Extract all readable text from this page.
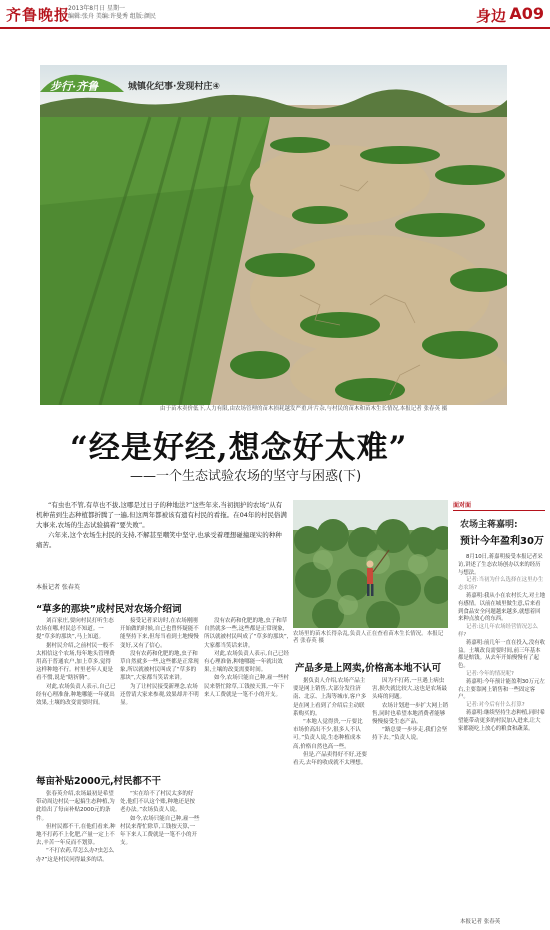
齐鲁晚报
2013年8月日 星期一
编辑:张舟 美编:许曼秀 组版:颜民	身边 A09
步行·齐鲁	城镇化纪事·发现村庄④
由于苗木卖价低下,人力有限,由农场管理的苗木损耗越发严重,叶片杂,与村民的苗木和苗木生长情况,本报记者 张春英 摄
“经是好经,想念好太难”
——一个生态试验农场的坚守与困惑(下)
“有虫也不管,有草也不拔,这哪是过日子的种地法?”这些年来,当初拥护的农场“从有机种苗到生态种植都折腾了一遍,但这两年都被该有遗有村民的看拖。在04年的村民俗满大事来,农场的生态试验搞着“要失败”。
六年来,这个农场生村民的支持,不解甚至嘲笑中坚守,也承受着理想碰撞现实的种种痛苦。
本报记者 张春英
“草多的那块”成村民对农场介绍词

刘百家庄,要向村民打听生态农场在哪,村民总不知道。一提“草多的那块”,马上知道。

据村民介绍,之前村民一般不太相信这个农场,每年地头管理费用高于普通农户,加上草多,觉得这样种地不行。村里老年人更是看不惯,说是“瞎折腾”。

对此,农场负责人表示,自己已经有心理准备,种地哪能一年就出效果,土壤的改变需要时间。

接受记者采访时,在农场刚刚开始做的时候,自己也曾怀疑能不能坚持下来,但每当看到土地慢慢变好,又有了信心。

没有农药和化肥的地,虫子和草自然就多一些,这些都是正常现象,所以就被村民叫成了“草多的那块”,大家都当笑话来讲。

为了让村民接受新理念,农场还曾请大家来参观,效果却并不明显。

每亩补贴2000元,村民都不干

张春英介绍,农场最初是希望带动周边村民一起搞生态种植,为此给出了每亩补贴2000元的条件。

但村民都不干,在他们看来,种地不打药不上化肥,产量一定上不去,辛苦一年反而不划算。

“不打农药,草怎么办?虫怎么办?”这是村民问得最多的话。

“实在给不了村民太多的好处,他们不认这个账,种地还是按老办法。”农场负责人说。

如今,农场只能自己种,雇一些村民来帮忙除草,工钱按天算,一年下来人工费就是一笔不小的开支。

没有农药和化肥的地,虫子和草自然就多一些,这些都是正常现象,所以就被村民叫成了“草多的那块”,大家都当笑话来讲。

对此,农场负责人表示,自己已经有心理准备,种地哪能一年就出效果,土壤的改变需要时间。

如今,农场只能自己种,雇一些村民来帮忙除草,工钱按天算,一年下来人工费就是一笔不小的开支。

农场里的苗木长得杂乱,负责人正在查看苗木生长情况。本报记者 张春英 摄
产品多是上网卖,价格高本地不认可

据负责人介绍,农场产品主要是网上销售,大部分发往济南、北京、上海等城市,客户多是在网上看到了介绍后主动联系购买的。

“本地人觉得贵,一斤要比市场价高出不少,很多人不认可。”负责人说,生态种植成本高,价格自然也高一些。

但是,产品卖得好不好,还要看天,去年的收成就不太理想。

因为不打药,一旦遇上病虫害,损失就比较大,这也是农场最头疼的问题。

农场计划进一步扩大网上销售,同时也希望本地消费者能够慢慢接受生态产品。

“路总要一步步走,我们会坚持下去。”负责人说。

面对面
农场主蒋嘉明:
预计今年盈利30万

8月10日,蒋嘉明接受本报记者采访,讲述了生态农场创办以来的经历与想法。

记者:当初为什么选择在这里办生态农场?

蒋嘉明:我从小在农村长大,对土地有感情。以前在城里做生意,后来看到食品安全问题越来越多,就想着回来种点放心的东西。

记者:这几年农场经营情况怎么样?

蒋嘉明:前几年一直在投入,没有收益。土壤改良需要时间,前三年基本都是赔钱。从去年开始慢慢有了起色。

记者:今年的情况呢?

蒋嘉明:今年预计能盈利30万元左右,主要靠网上销售和一些固定客户。

记者:对今后有什么打算?

蒋嘉明:继续坚持生态种植,同时希望能带动更多的村民加入进来,让大家都能吃上放心的粮食和蔬菜。

本报记者 张春英
